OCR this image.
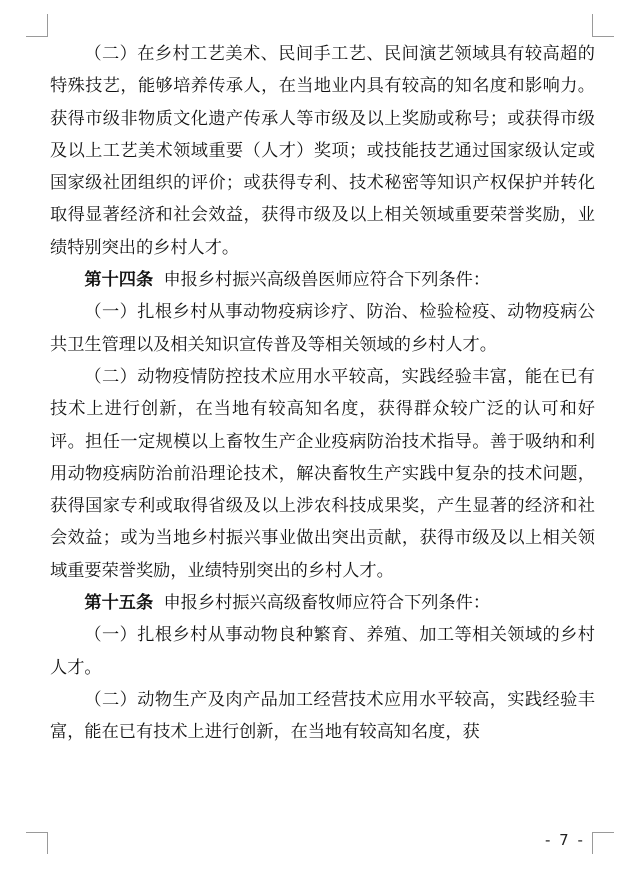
（二）在乡村工艺美术、民间手工艺、民间演艺领域具有较高超的特殊技艺，能够培养传承人，在当地业内具有较高的知名度和影响力。获得市级非物质文化遗产传承人等市级及以上奖励或称号；或获得市级及以上工艺美术领域重要（人才）奖项；或技能技艺通过国家级认定或国家级社团组织的评价；或获得专利、技术秘密等知识产权保护并转化取得显著经济和社会效益，获得市级及以上相关领域重要荣誉奖励，业绩特别突出的乡村人才。

第十四条 申报乡村振兴高级兽医师应符合下列条件：

（一）扎根乡村从事动物疫病诊疗、防治、检验检疫、动物疫病公共卫生管理以及相关知识宣传普及等相关领域的乡村人才。

（二）动物疫情防控技术应用水平较高，实践经验丰富，能在已有技术上进行创新，在当地有较高知名度，获得群众较广泛的认可和好评。担任一定规模以上畜牧生产企业疫病防治技术指导。善于吸纳和利用动物疫病防治前沿理论技术，解决畜牧生产实践中复杂的技术问题，获得国家专利或取得省级及以上涉农科技成果奖，产生显著的经济和社会效益；或为当地乡村振兴事业做出突出贡献，获得市级及以上相关领域重要荣誉奖励，业绩特别突出的乡村人才。

第十五条 申报乡村振兴高级畜牧师应符合下列条件：

（一）扎根乡村从事动物良种繁育、养殖、加工等相关领域的乡村人才。

（二）动物生产及肉产品加工经营技术应用水平较高，实践经验丰富，能在已有技术上进行创新，在当地有较高知名度，获

- 7 -
